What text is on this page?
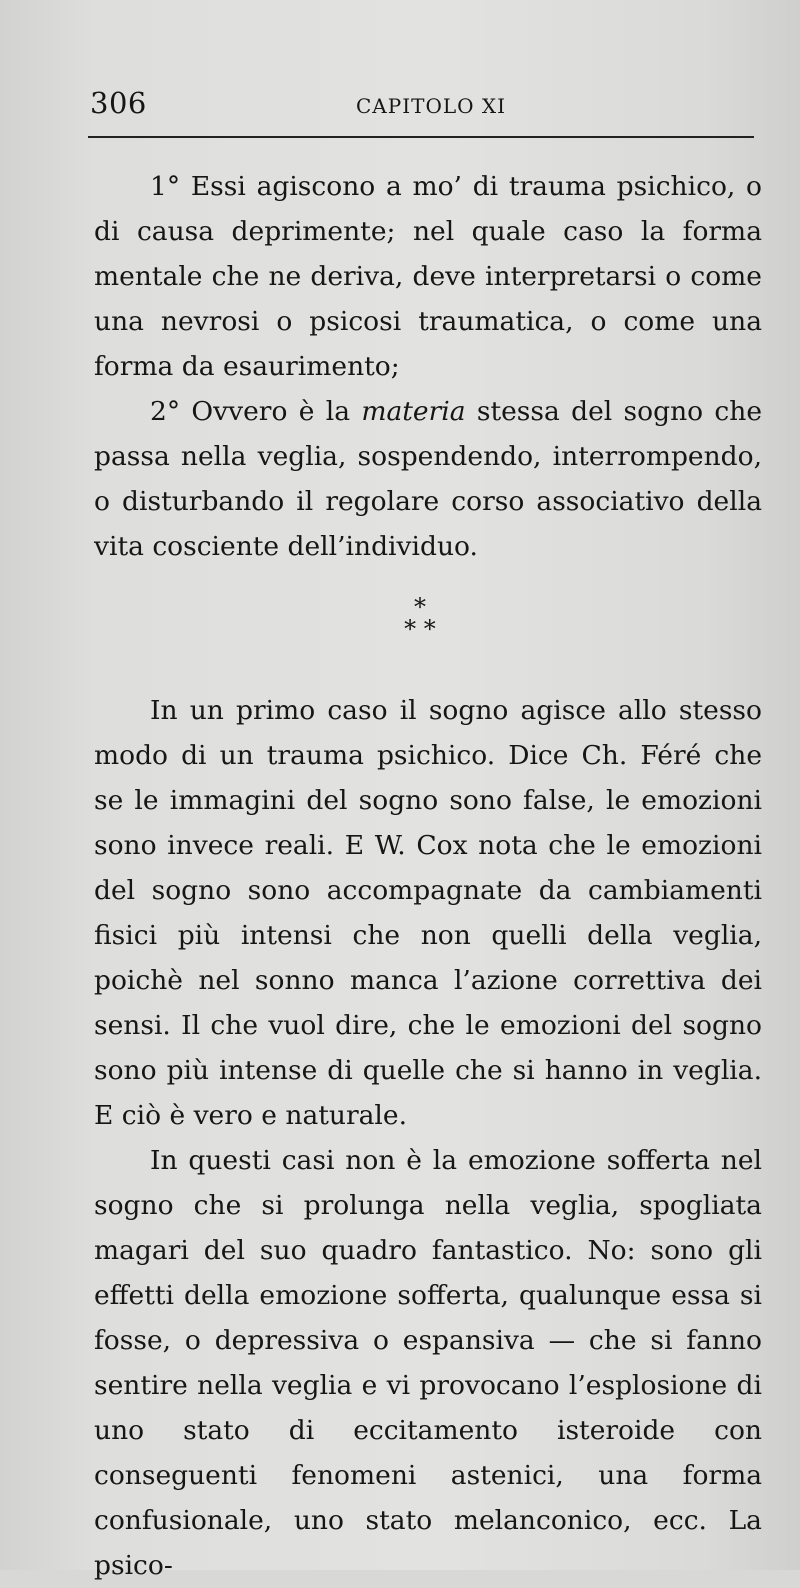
306	CAPITOLO XI

1° Essi agiscono a mo’ di trauma psichico, o di causa deprimente; nel quale caso la forma mentale che ne deriva, deve interpretarsi o come una nevrosi o psicosi traumatica, o come una forma da esaurimento;

2° Ovvero è la materia stessa del sogno che passa nella veglia, sospendendo, interrompendo, o disturbando il regolare corso associativo della vita cosciente dell’individuo.

*
* *

In un primo caso il sogno agisce allo stesso modo di un trauma psichico. Dice Ch. Féré che se le immagini del sogno sono false, le emozioni sono invece reali. E W. Cox nota che le emozioni del sogno sono accompagnate da cambiamenti fisici più intensi che non quelli della veglia, poichè nel sonno manca l’azione correttiva dei sensi. Il che vuol dire, che le emozioni del sogno sono più intense di quelle che si hanno in veglia. E ciò è vero e naturale.

In questi casi non è la emozione sofferta nel sogno che si prolunga nella veglia, spogliata magari del suo quadro fantastico. No: sono gli effetti della emozione sofferta, qualunque essa si fosse, o depressiva o espansiva — che si fanno sentire nella veglia e vi provocano l’esplosione di uno stato di eccitamento isteroide con conseguenti fenomeni astenici, una forma confusionale, uno stato melanconico, ecc. La psico-
